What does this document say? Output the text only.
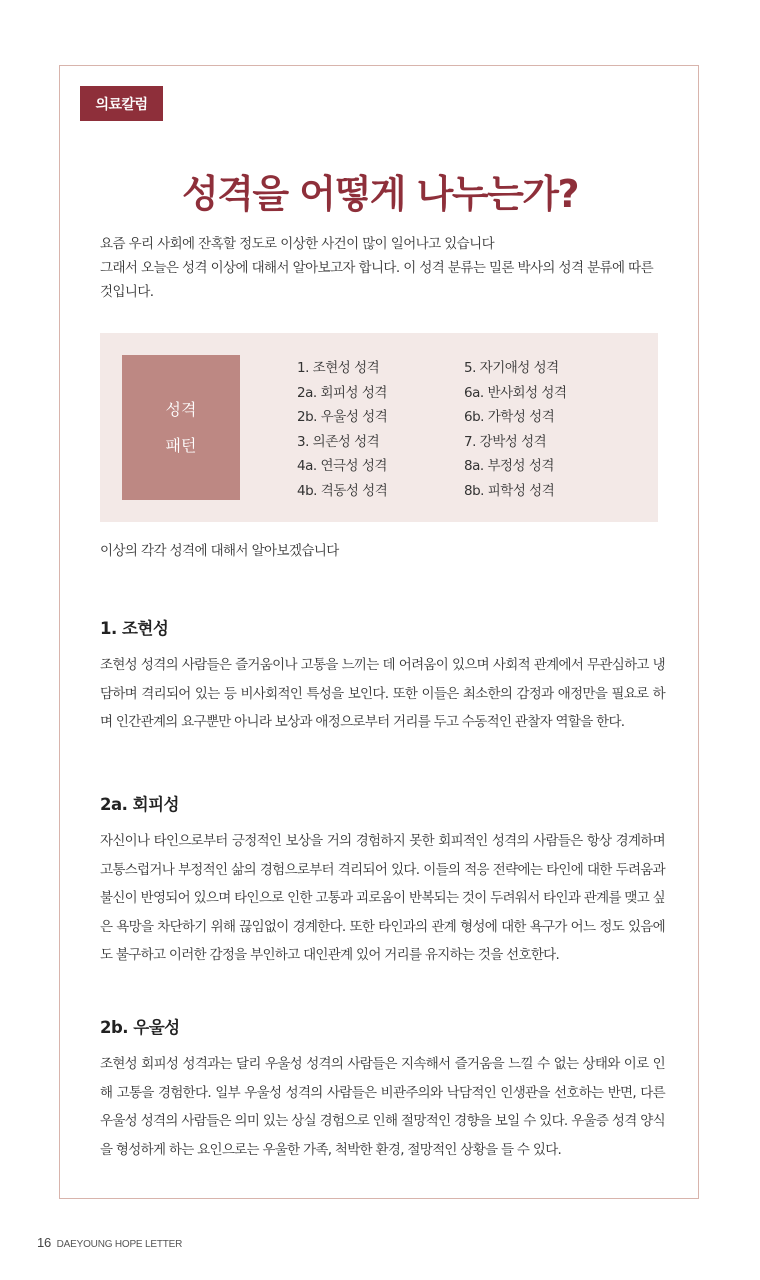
의료칼럼
성격을 어떻게 나누는가?

요즘 우리 사회에 잔혹할 정도로 이상한 사건이 많이 일어나고 있습니다

그래서 오늘은 성격 이상에 대해서 알아보고자 합니다. 이 성격 분류는 밀론 박사의 성격 분류에 따른 것입니다.

성격
패턴
1. 조현성 성격
2a. 회피성 성격
2b. 우울성 성격
3. 의존성 성격
4a. 연극성 성격
4b. 격동성 성격
5. 자기애성 성격
6a. 반사회성 성격
6b. 가학성 성격
7. 강박성 성격
8a. 부정성 성격
8b. 피학성 성격
이상의 각각 성격에 대해서 알아보겠습니다
1. 조현성

조현성 성격의 사람들은 즐거움이나 고통을 느끼는 데 어려움이 있으며 사회적 관계에서 무관심하고 냉담하며 격리되어 있는 등 비사회적인 특성을 보인다. 또한 이들은 최소한의 감정과 애정만을 필요로 하며 인간관계의 요구뿐만 아니라 보상과 애정으로부터 거리를 두고 수동적인 관찰자 역할을 한다.

2a. 회피성

자신이나 타인으로부터 긍정적인 보상을 거의 경험하지 못한 회피적인 성격의 사람들은 항상 경계하며 고통스럽거나 부정적인 삶의 경험으로부터 격리되어 있다. 이들의 적응 전략에는 타인에 대한 두려움과 불신이 반영되어 있으며 타인으로 인한 고통과 괴로움이 반복되는 것이 두려워서 타인과 관계를 맺고 싶은 욕망을 차단하기 위해 끊임없이 경계한다. 또한 타인과의 관계 형성에 대한 욕구가 어느 정도 있음에도 불구하고 이러한 감정을 부인하고 대인관계 있어 거리를 유지하는 것을 선호한다.

2b. 우울성

조현성 회피성 성격과는 달리 우울성 성격의 사람들은 지속해서 즐거움을 느낄 수 없는 상태와 이로 인해 고통을 경험한다. 일부 우울성 성격의 사람들은 비관주의와 낙담적인 인생관을 선호하는 반면, 다른 우울성 성격의 사람들은 의미 있는 상실 경험으로 인해 절망적인 경향을 보일 수 있다. 우울증 성격 양식을 형성하게 하는 요인으로는 우울한 가족, 척박한 환경, 절망적인 상황을 들 수 있다.

16 DAEYOUNG HOPE LETTER
